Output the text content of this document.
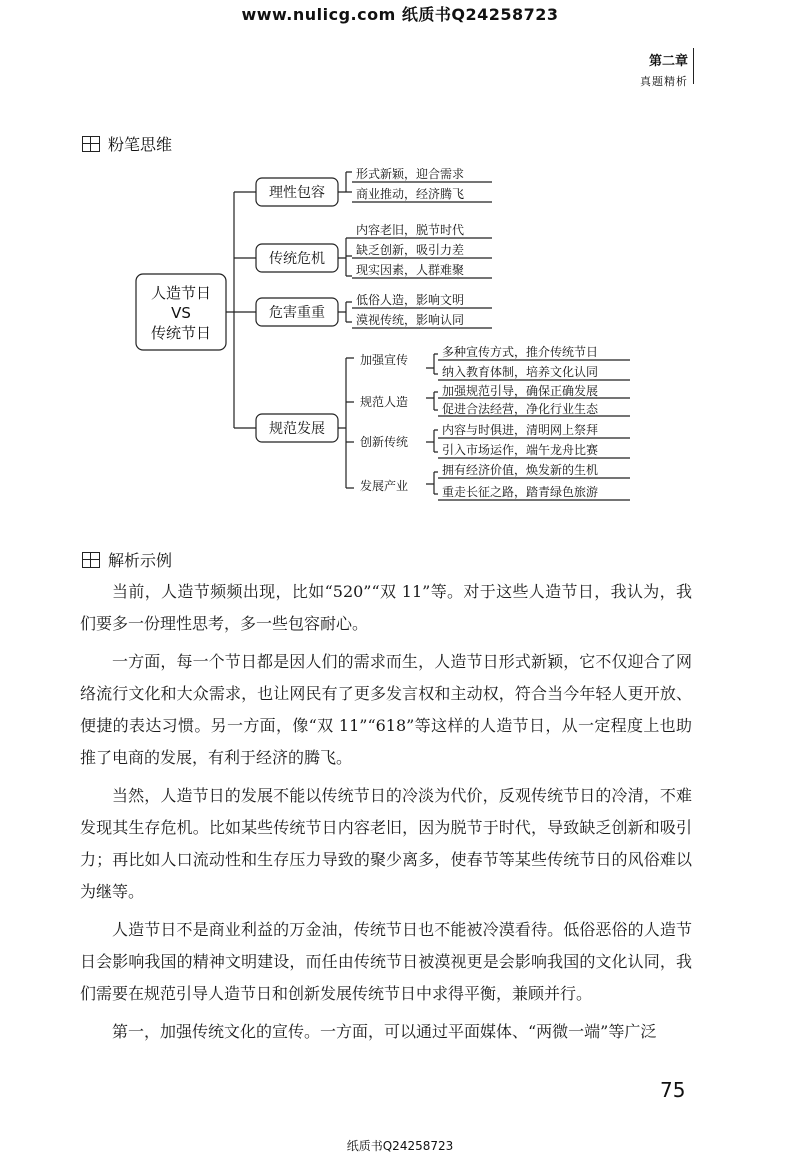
www.nulicg.com 纸质书Q24258723
第二章
真题精析
粉笔思维
人造节日
VS
传统节日
理性包容
传统危机
危害重重
规范发展
形式新颖，迎合需求
商业推动，经济腾飞
内容老旧，脱节时代
缺乏创新，吸引力差
现实因素，人群难聚
低俗人造，影响文明
漠视传统，影响认同
加强宣传
规范人造
创新传统
发展产业
多种宣传方式，推介传统节日
纳入教育体制，培养文化认同
加强规范引导，确保正确发展
促进合法经营，净化行业生态
内容与时俱进，清明网上祭拜
引入市场运作，端午龙舟比赛
拥有经济价值，焕发新的生机
重走长征之路，踏青绿色旅游
解析示例

当前，人造节频频出现，比如“520”“双 11”等。对于这些人造节日，我认为，我们要多一份理性思考，多一些包容耐心。

一方面，每一个节日都是因人们的需求而生，人造节日形式新颖，它不仅迎合了网络流行文化和大众需求，也让网民有了更多发言权和主动权，符合当今年轻人更开放、便捷的表达习惯。另一方面，像“双 11”“618”等这样的人造节日，从一定程度上也助推了电商的发展，有利于经济的腾飞。

当然，人造节日的发展不能以传统节日的冷淡为代价，反观传统节日的冷清，不难发现其生存危机。比如某些传统节日内容老旧，因为脱节于时代，导致缺乏创新和吸引力；再比如人口流动性和生存压力导致的聚少离多，使春节等某些传统节日的风俗难以为继等。

人造节日不是商业利益的万金油，传统节日也不能被冷漠看待。低俗恶俗的人造节日会影响我国的精神文明建设，而任由传统节日被漠视更是会影响我国的文化认同，我们需要在规范引导人造节日和创新发展传统节日中求得平衡，兼顾并行。

第一，加强传统文化的宣传。一方面，可以通过平面媒体、“两微一端”等广泛

75
纸质书Q24258723
